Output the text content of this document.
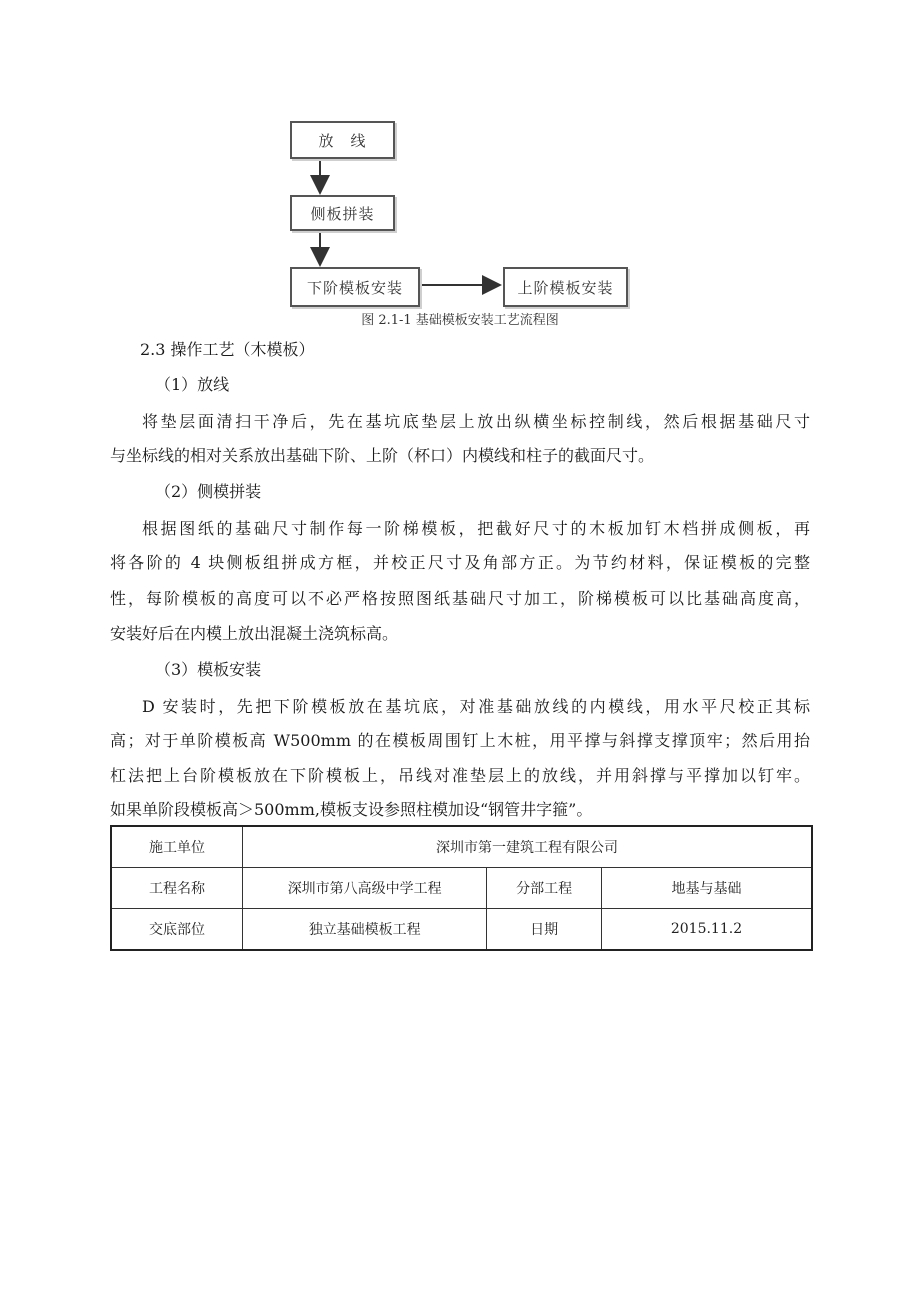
放　线
侧板拼装
下阶模板安装	上阶模板安装
图 2.1-1 基础模板安装工艺流程图
2.3 操作工艺（木模板）
（1）放线
将垫层面清扫干净后，先在基坑底垫层上放出纵横坐标控制线，然后根据基础尺寸
与坐标线的相对关系放出基础下阶、上阶（杯口）内模线和柱子的截面尺寸。
（2）侧模拼装
根据图纸的基础尺寸制作每一阶梯模板，把截好尺寸的木板加钉木档拼成侧板，再
将各阶的 4 块侧板组拼成方框，并校正尺寸及角部方正。为节约材料，保证模板的完整
性，每阶模板的高度可以不必严格按照图纸基础尺寸加工，阶梯模板可以比基础高度高，
安装好后在内模上放出混凝土浇筑标高。
（3）模板安装
D 安装时，先把下阶模板放在基坑底，对准基础放线的内模线，用水平尺校正其标
高；对于单阶模板高 W500mm 的在模板周围钉上木桩，用平撑与斜撑支撑顶牢；然后用抬
杠法把上台阶模板放在下阶模板上，吊线对准垫层上的放线，并用斜撑与平撑加以钉牢。
如果单阶段模板高＞500mm,模板支设参照柱模加设“钢管井字箍”。
施工单位	深圳市第一建筑工程有限公司		
工程名称	深圳市第八高级中学工程	分部工程	地基与基础
交底部位	独立基础模板工程	日期	2015.11.2
